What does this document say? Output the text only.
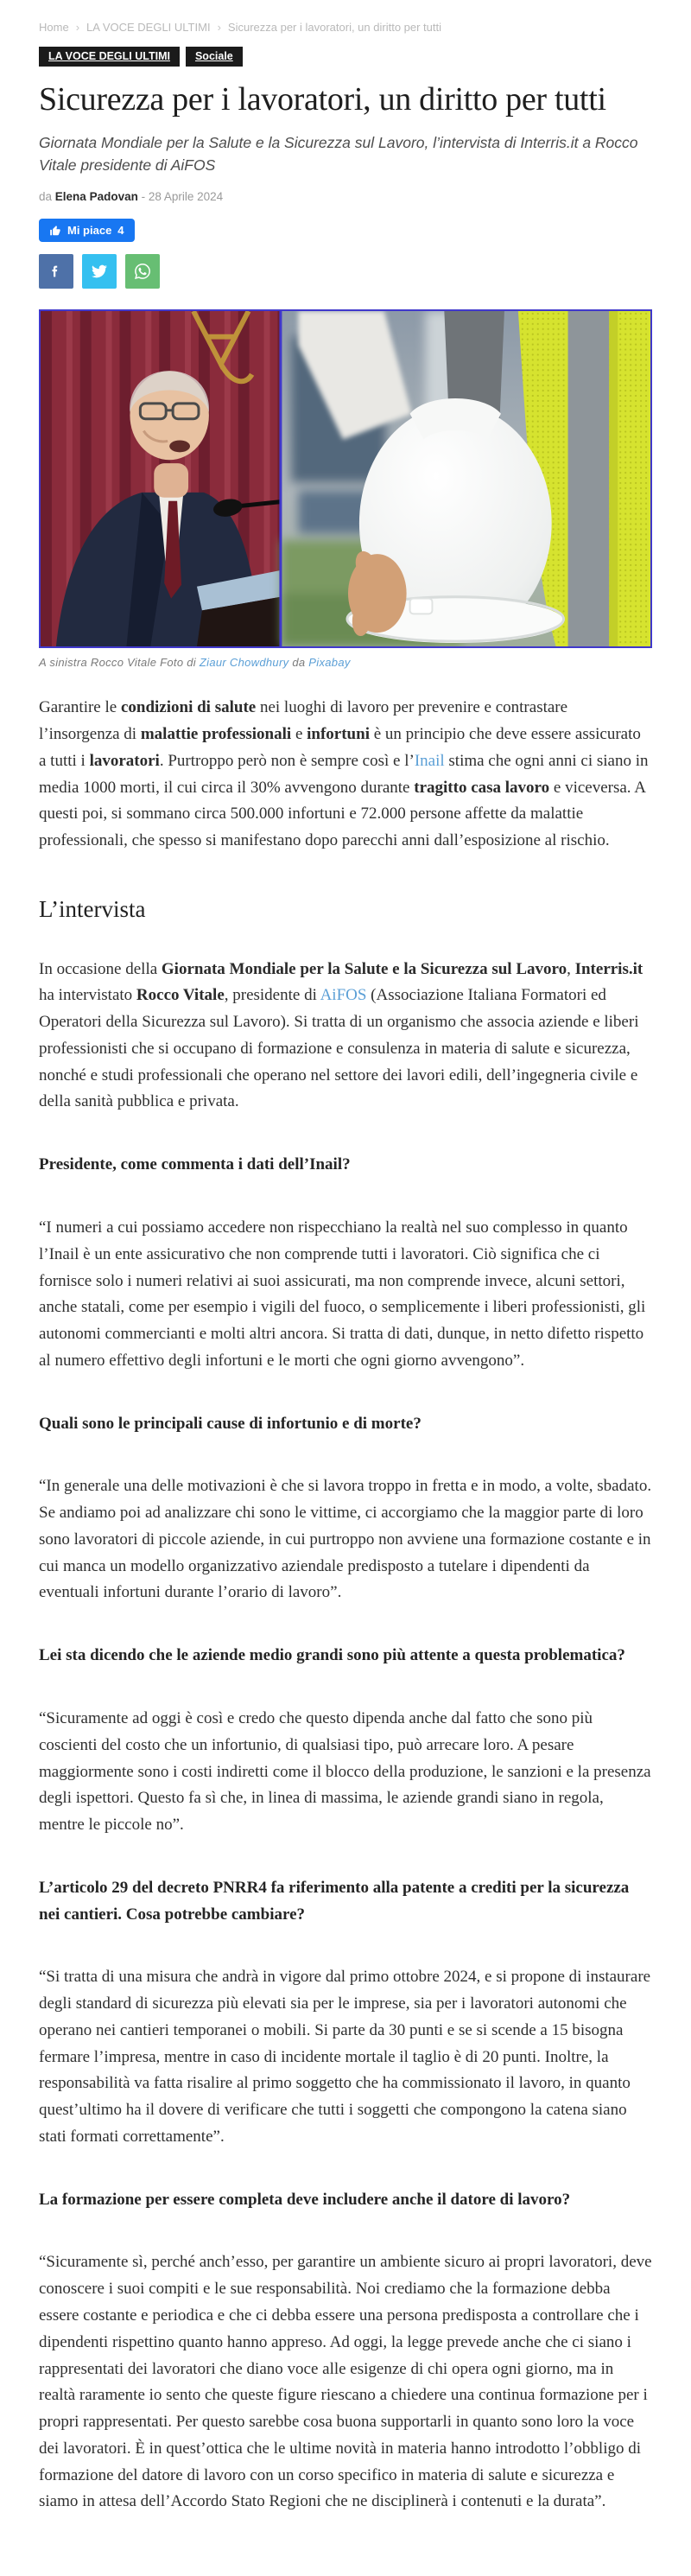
Home › LA VOCE DEGLI ULTIMI › Sicurezza per i lavoratori, un diritto per tutti
LA VOCE DEGLI ULTIMI	Sociale
Sicurezza per i lavoratori, un diritto per tutti
Giornata Mondiale per la Salute e la Sicurezza sul Lavoro, l’intervista di Interris.it a Rocco Vitale presidente di AiFOS
da Elena Padovan - 28 Aprile 2024
Mi piace 4
A sinistra Rocco Vitale Foto di Ziaur Chowdhury da Pixabay

Garantire le condizioni di salute nei luoghi di lavoro per prevenire e contrastare l’insorgenza di malattie professionali e infortuni è un principio che deve essere assicurato a tutti i lavoratori. Purtroppo però non è sempre così e l’Inail stima che ogni anni ci siano in media 1000 morti, il cui circa il 30% avvengono durante tragitto casa lavoro e viceversa. A questi poi, si sommano circa 500.000 infortuni e 72.000 persone affette da malattie professionali, che spesso si manifestano dopo parecchi anni dall’esposizione al rischio.

L’intervista

In occasione della Giornata Mondiale per la Salute e la Sicurezza sul Lavoro, Interris.it ha intervistato Rocco Vitale, presidente di AiFOS (Associazione Italiana Formatori ed Operatori della Sicurezza sul Lavoro). Si tratta di un organismo che associa aziende e liberi professionisti che si occupano di formazione e consulenza in materia di salute e sicurezza, nonché e studi professionali che operano nel settore dei lavori edili, dell’ingegneria civile e della sanità pubblica e privata.

Presidente, come commenta i dati dell’Inail?

“I numeri a cui possiamo accedere non rispecchiano la realtà nel suo complesso in quanto l’Inail è un ente assicurativo che non comprende tutti i lavoratori. Ciò significa che ci fornisce solo i numeri relativi ai suoi assicurati, ma non comprende invece, alcuni settori, anche statali, come per esempio i vigili del fuoco, o semplicemente i liberi professionisti, gli autonomi commercianti e molti altri ancora. Si tratta di dati, dunque, in netto difetto rispetto al numero effettivo degli infortuni e le morti che ogni giorno avvengono”.

Quali sono le principali cause di infortunio e di morte?

“In generale una delle motivazioni è che si lavora troppo in fretta e in modo, a volte, sbadato. Se andiamo poi ad analizzare chi sono le vittime, ci accorgiamo che la maggior parte di loro sono lavoratori di piccole aziende, in cui purtroppo non avviene una formazione costante e in cui manca un modello organizzativo aziendale predisposto a tutelare i dipendenti da eventuali infortuni durante l’orario di lavoro”.

Lei sta dicendo che le aziende medio grandi sono più attente a questa problematica?

“Sicuramente ad oggi è così e credo che questo dipenda anche dal fatto che sono più coscienti del costo che un infortunio, di qualsiasi tipo, può arrecare loro. A pesare maggiormente sono i costi indiretti come il blocco della produzione, le sanzioni e la presenza degli ispettori. Questo fa sì che, in linea di massima, le aziende grandi siano in regola, mentre le piccole no”.

L’articolo 29 del decreto PNRR4 fa riferimento alla patente a crediti per la sicurezza nei cantieri. Cosa potrebbe cambiare?

“Si tratta di una misura che andrà in vigore dal primo ottobre 2024, e si propone di instaurare degli standard di sicurezza più elevati sia per le imprese, sia per i lavoratori autonomi che operano nei cantieri temporanei o mobili. Si parte da 30 punti e se si scende a 15 bisogna fermare l’impresa, mentre in caso di incidente mortale il taglio è di 20 punti. Inoltre, la responsabilità va fatta risalire al primo soggetto che ha commissionato il lavoro, in quanto quest’ultimo ha il dovere di verificare che tutti i soggetti che compongono la catena siano stati formati correttamente”.

La formazione per essere completa deve includere anche il datore di lavoro?

“Sicuramente sì, perché anch’esso, per garantire un ambiente sicuro ai propri lavoratori, deve conoscere i suoi compiti e le sue responsabilità. Noi crediamo che la formazione debba essere costante e periodica e che ci debba essere una persona predisposta a controllare che i dipendenti rispettino quanto hanno appreso. Ad oggi, la legge prevede anche che ci siano i rappresentati dei lavoratori che diano voce alle esigenze di chi opera ogni giorno, ma in realtà raramente io sento che queste figure riescano a chiedere una continua formazione per i propri rappresentati. Per questo sarebbe cosa buona supportarli in quanto sono loro la voce dei lavoratori. È in quest’ottica che le ultime novità in materia hanno introdotto l’obbligo di formazione del datore di lavoro con un corso specifico in materia di salute e sicurezza e siamo in attesa dell’Accordo Stato Regioni che ne disciplinerà i contenuti e la durata”.
